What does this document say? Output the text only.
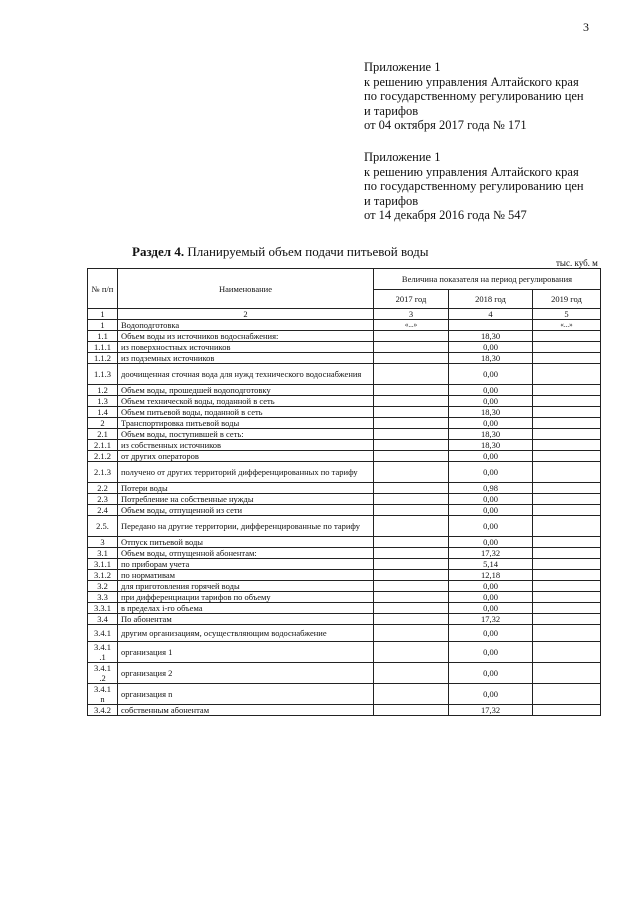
3
Приложение 1
к решению управления Алтайского края
по государственному регулированию цен
и тарифов
от 04 октября 2017 года № 171
Приложение 1
к решению управления Алтайского края
по государственному регулированию цен
и тарифов
от 14 декабря 2016 года № 547
Раздел 4. Планируемый объем подачи питьевой воды
тыс. куб. м
№ п/п	Наименование	Величина показателя на период регулирования		
		2017 год	2018 год	2019 год
1	2	3	4	5
1	Водоподготовка	«...»		«...»
1.1	Объем воды из источников водоснабжения:		18,30	
1.1.1	из поверхностных источников		0,00	
1.1.2	из подземных источников		18,30	
1.1.3	доочищенная сточная вода для нужд технического водоснабжения		0,00	
1.2	Объем воды, прошедшей водоподготовку		0,00	
1.3	Объем технической воды, поданной в сеть		0,00	
1.4	Объем питьевой воды, поданной в сеть		18,30	
2	Транспортировка питьевой воды		0,00	
2.1	Объем воды, поступившей в сеть:		18,30	
2.1.1	из собственных источников		18,30	
2.1.2	от других операторов		0,00	
2.1.3	получено от других территорий дифференцированных по тарифу		0,00	
2.2	Потери воды		0,98	
2.3	Потребление на собственные нужды		0,00	
2.4	Объем воды, отпущенной из сети		0,00	
2.5.	Передано на другие территории, дифференцированные по тарифу		0,00	
3	Отпуск питьевой воды		0,00	
3.1	Объем воды, отпущенной абонентам:		17,32	
3.1.1	по приборам учета		5,14	
3.1.2	по нормативам		12,18	
3.2	для приготовления горячей воды		0,00	
3.3	при дифференциации тарифов по объему		0,00	
3.3.1	в пределах i-го объема		0,00	
3.4	По абонентам		17,32	
3.4.1	другим организациям, осуществляющим водоснабжение		0,00	
3.4.1 .1	организация 1		0,00	
3.4.1 .2	организация 2		0,00	
3.4.1 n	организация n		0,00	
3.4.2	собственным абонентам		17,32	
